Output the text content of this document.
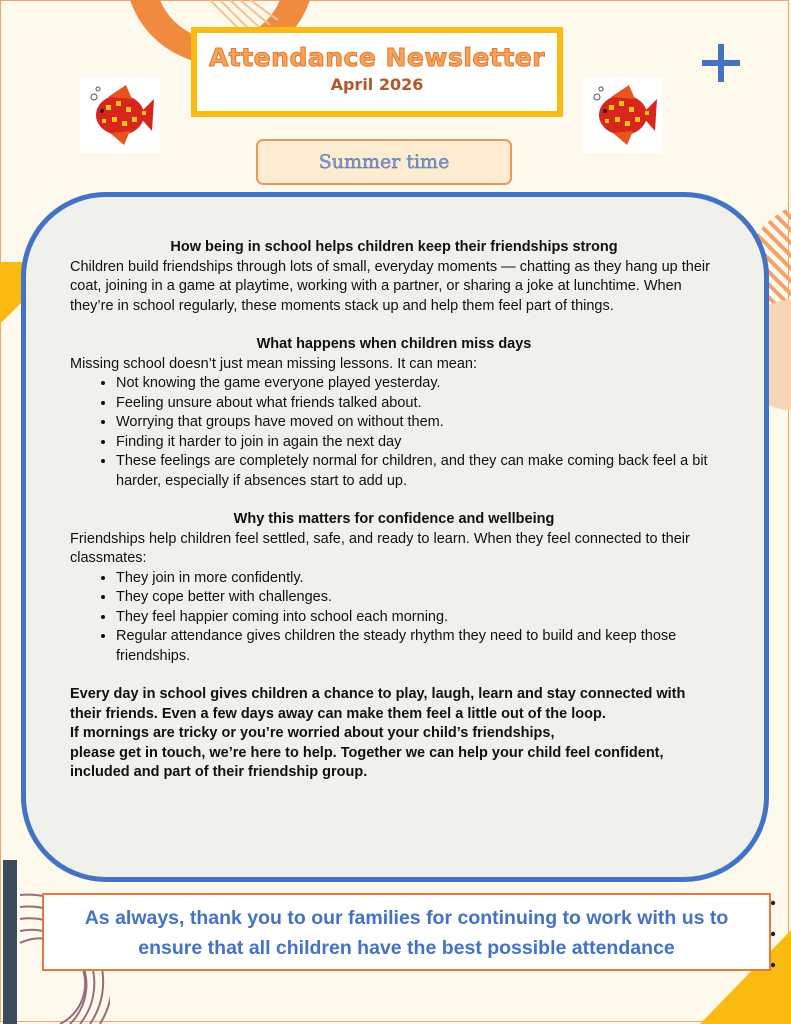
Attendance Newsletter
April 2026
Summer time
How being in school helps children keep their friendships strong

Children build friendships through lots of small, everyday moments — chatting as they hang up their coat, joining in a game at playtime, working with a partner, or sharing a joke at lunchtime. When they’re in school regularly, these moments stack up and help them feel part of things.

What happens when children miss days

Missing school doesn’t just mean missing lessons. It can mean:

• Not knowing the game everyone played yesterday.
• Feeling unsure about what friends talked about.
• Worrying that groups have moved on without them.
• Finding it harder to join in again the next day
• These feelings are completely normal for children, and they can make coming back feel a bit harder, especially if absences start to add up.
Why this matters for confidence and wellbeing

Friendships help children feel settled, safe, and ready to learn. When they feel connected to their classmates:

• They join in more confidently.
• They cope better with challenges.
• They feel happier coming into school each morning.
• Regular attendance gives children the steady rhythm they need to build and keep those friendships.

Every day in school gives children a chance to play, laugh, learn and stay connected with their friends. Even a few days away can make them feel a little out of the loop.

If mornings are tricky or you’re worried about your child’s friendships,

please get in touch, we’re here to help. Together we can help your child feel confident, included and part of their friendship group.

As always, thank you to our families for continuing to work with us to
ensure that all children have the best possible attendance
